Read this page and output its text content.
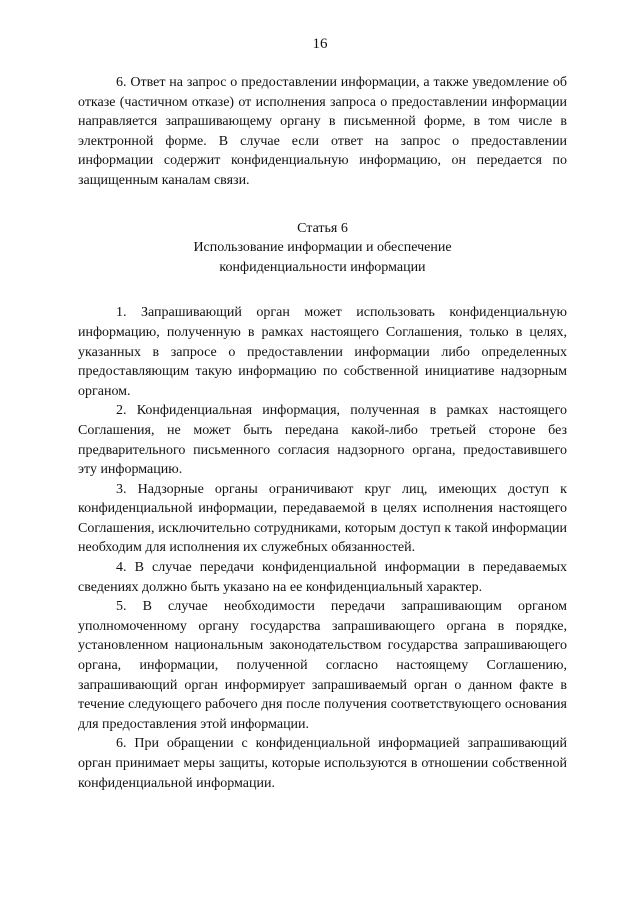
16

6. Ответ на запрос о предоставлении информации, а также уведомление об отказе (частичном отказе) от исполнения запроса о предоставлении информации направляется запрашивающему органу в письменной форме, в том числе в электронной форме. В случае если ответ на запрос о предоставлении информации содержит конфиденциальную информацию, он передается по защищенным каналам связи.

Статья 6

Использование информации и обеспечение

конфиденциальности информации

1. Запрашивающий орган может использовать конфиденциальную информацию, полученную в рамках настоящего Соглашения, только в целях, указанных в запросе о предоставлении информации либо определенных предоставляющим такую информацию по собственной инициативе надзорным органом.

2. Конфиденциальная информация, полученная в рамках настоящего Соглашения, не может быть передана какой-либо третьей стороне без предварительного письменного согласия надзорного органа, предоставившего эту информацию.

3. Надзорные органы ограничивают круг лиц, имеющих доступ к конфиденциальной информации, передаваемой в целях исполнения настоящего Соглашения, исключительно сотрудниками, которым доступ к такой информации необходим для исполнения их служебных обязанностей.

4. В случае передачи конфиденциальной информации в передаваемых сведениях должно быть указано на ее конфиденциальный характер.

5. В случае необходимости передачи запрашивающим органом уполномоченному органу государства запрашивающего органа в порядке, установленном национальным законодательством государства запрашивающего органа, информации, полученной согласно настоящему Соглашению, запрашивающий орган информирует запрашиваемый орган о данном факте в течение следующего рабочего дня после получения соответствующего основания для предоставления этой информации.

6. При обращении с конфиденциальной информацией запрашивающий орган принимает меры защиты, которые используются в отношении собственной конфиденциальной информации.
